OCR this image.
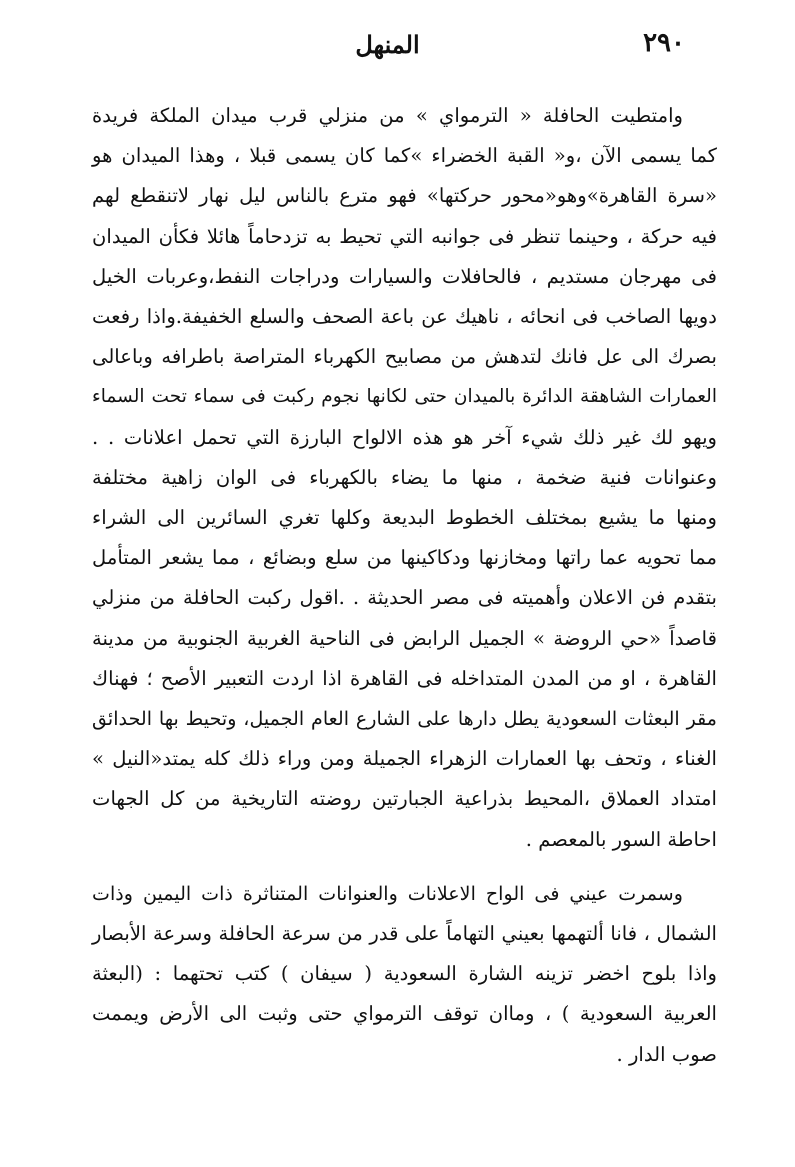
٢٩٠
المنهل

وامتطيت الحافلة « الترمواي » من منزلي قرب ميدان الملكة فريدة
كما يسمى الآن ،و« القبة الخضراء »كما كان يسمى قبلا ، وهذا الميدان هو
«سرة القاهرة»وهو«محور حركتها» فهو مترع بالناس ليل نهار لاتنقطع لهم
فيه حركة ، وحينما تنظر فى جوانبه التي تحيط به تزدحاماً هائلا فكأن الميدان
فى مهرجان مستديم ، فالحافلات والسيارات ودراجات النفط،وعربات الخيل
دويها الصاخب فى انحائه ، ناهيك عن باعة الصحف والسلع الخفيفة.واذا رفعت
بصرك الى عل فانك لتدهش من مصابيح الكهرباء المتراصة باطرافه وباعالى
العمارات الشاهقة الدائرة بالميدان حتى لكانها نجوم ركبت فى سماء تحت السماء
ويهو لك غير ذلك شيء آخر هو هذه الالواح البارزة التي تحمل اعلانات . .
وعنوانات فنية ضخمة ، منها ما يضاء بالكهرباء فى الوان زاهية مختلفة
ومنها ما يشيع بمختلف الخطوط البديعة وكلها تغري السائرين الى الشراء
مما تحويه عما راتها ومخازنها ودكاكينها من سلع وبضائع ، مما يشعر المتأمل
بتقدم فن الاعلان وأهميته فى مصر الحديثة . .اقول ركبت الحافلة من منزلي
قاصداً «حي الروضة » الجميل الرابض فى الناحية الغربية الجنوبية من مدينة
القاهرة ، او من المدن المتداخله فى القاهرة اذا اردت التعبير الأصح ؛ فهناك
مقر البعثات السعودية يطل دارها على الشارع العام الجميل، وتحيط بها الحدائق
الغناء ، وتحف بها العمارات الزهراء الجميلة ومن وراء ذلك كله يمتد«النيل »
امتداد العملاق ،المحيط بذراعية الجبارتين روضته التاريخية من كل الجهات
احاطة السور بالمعصم .

وسمرت عيني فى الواح الاعلانات والعنوانات المتناثرة ذات اليمين وذات
الشمال ، فانا ألتهمها بعيني التهاماً على قدر من سرعة الحافلة وسرعة الأبصار
واذا بلوح اخضر تزينه الشارة السعودية ( سيفان ) كتب تحتهما : (البعثة
العربية السعودية ) ، وماان توقف الترمواي حتى وثبت الى الأرض ويممت
صوب الدار .
